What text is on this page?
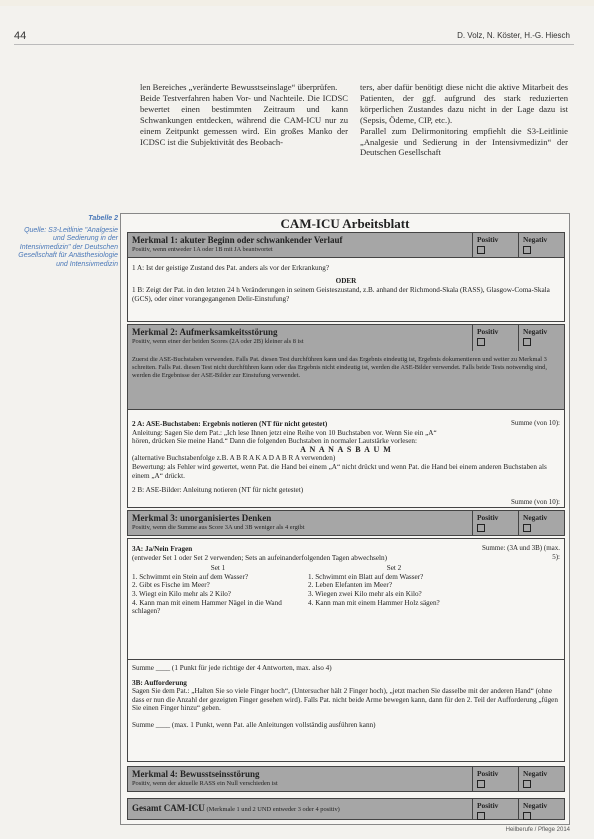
44	D. Volz, N. Köster, H.-G. Hiesch

len Bereiches „veränderte Bewusstseinslage“ überprüfen.

Beide Testverfahren haben Vor- und Nachteile. Die ICDSC bewertet einen bestimmten Zeitraum und kann Schwankungen entdecken, während die CAM-ICU nur zu einem Zeitpunkt gemessen wird. Ein großes Manko der ICDSC ist die Subjektivität des Beobach-

ters, aber dafür benötigt diese nicht die aktive Mitarbeit des Patienten, der ggf. aufgrund des stark reduzierten körperlichen Zustandes dazu nicht in der Lage dazu ist (Sepsis, Ödeme, CIP, etc.).

Parallel zum Delirmonitoring empfiehlt die S3-Leitlinie „Analgesie und Sedierung in der Intensivmedizin“ der Deutschen Gesellschaft

Tabelle 2
Quelle: S3-Leitlinie "Analgesie und Sedierung in der Intensivmedizin" der Deutschen Gesellschaft für Anästhesiologie und Intensivmedizin
CAM-ICU Arbeitsblatt
Merkmal 1: akuter Beginn oder schwankender Verlauf
Positiv, wenn entweder 1A oder 1B mit JA beantwortet
Positiv	Negativ

1 A: Ist der geistige Zustand des Pat. anders als vor der Erkrankung?
ODER
1 B: Zeigt der Pat. in den letzten 24 h Veränderungen in seinem Geisteszustand, z.B. anhand der Richmond-Skala (RASS), Glasgow-Coma-Skala (GCS), oder einer vorangegangenen Delir-Einstufung?
Merkmal 2: Aufmerksamkeitsstörung
Positiv, wenn einer der beiden Scores (2A oder 2B) kleiner als 8 ist
Zuerst die ASE-Buchstaben verwenden. Falls Pat. diesen Test durchführen kann und das Ergebnis eindeutig ist, Ergebnis dokumentieren und weiter zu Merkmal 3 schreiten. Falls Pat. diesen Test nicht durchführen kann oder das Ergebnis nicht eindeutig ist, werden die ASE-Bilder verwendet. Falls beide Tests notwendig sind, werden die Ergebnisse der ASE-Bilder zur Einstufung verwendet.
Positiv	Negativ

2 A: ASE-Buchstaben: Ergebnis notieren (NT für nicht getestet)	Summe (von 10):
Anleitung: Sagen Sie dem Pat.: „Ich lese Ihnen jetzt eine Reihe von 10 Buchstaben vor. Wenn Sie ein „A“ hören, drücken Sie meine Hand.“ Dann die folgenden Buchstaben in normaler Lautstärke vorlesen:
A N A N A S B A U M
(alternative Buchstabenfolge z.B. A B R A K A D A B R A verwenden)
Bewertung: als Fehler wird gewertet, wenn Pat. die Hand bei einem „A“ nicht drückt und wenn Pat. die Hand bei einem anderen Buchstaben als einem „A“ drückt.
2 B: ASE-Bilder: Anleitung notieren (NT für nicht getestet)
Summe (von 10):
Merkmal 3: unorganisiertes Denken
Positiv, wenn die Summe aus Score 3A und 3B weniger als 4 ergibt
Positiv	Negativ

3A: Ja/Nein Fragen
(entweder Set 1 oder Set 2 verwenden; Sets an aufeinanderfolgenden Tagen abwechseln)
Summe: (3A und 3B) (max. 5):
Set 1
1. Schwimmt ein Stein auf dem Wasser?
2. Gibt es Fische im Meer?
3. Wiegt ein Kilo mehr als 2 Kilo?
4. Kann man mit einem Hammer Nägel in die Wand schlagen?
Set 2
1. Schwimmt ein Blatt auf dem Wasser?
2. Leben Elefanten im Meer?
3. Wiegen zwei Kilo mehr als ein Kilo?
4. Kann man mit einem Hammer Holz sägen?
Summe ____ (1 Punkt für jede richtige der 4 Antworten, max. also 4)
3B: Aufforderung
Sagen Sie dem Pat.: „Halten Sie so viele Finger hoch“, (Untersucher hält 2 Finger hoch), „jetzt machen Sie dasselbe mit der anderen Hand“ (ohne dass er nun die Anzahl der gezeigten Finger gesehen wird). Falls Pat. nicht beide Arme bewegen kann, dann für den 2. Teil der Aufforderung „fügen Sie einen Finger hinzu“ geben.
Summe ____ (max. 1 Punkt, wenn Pat. alle Anleitungen vollständig ausführen kann)
Merkmal 4: Bewusstseinsstörung
Positiv, wenn der aktuelle RASS ein Null verschieden ist
Positiv	Negativ

Gesamt CAM-ICU (Merkmale 1 und 2 UND entweder 3 oder 4 positiv)	Positiv	Negativ

Heilberufe / Pflege 2014
